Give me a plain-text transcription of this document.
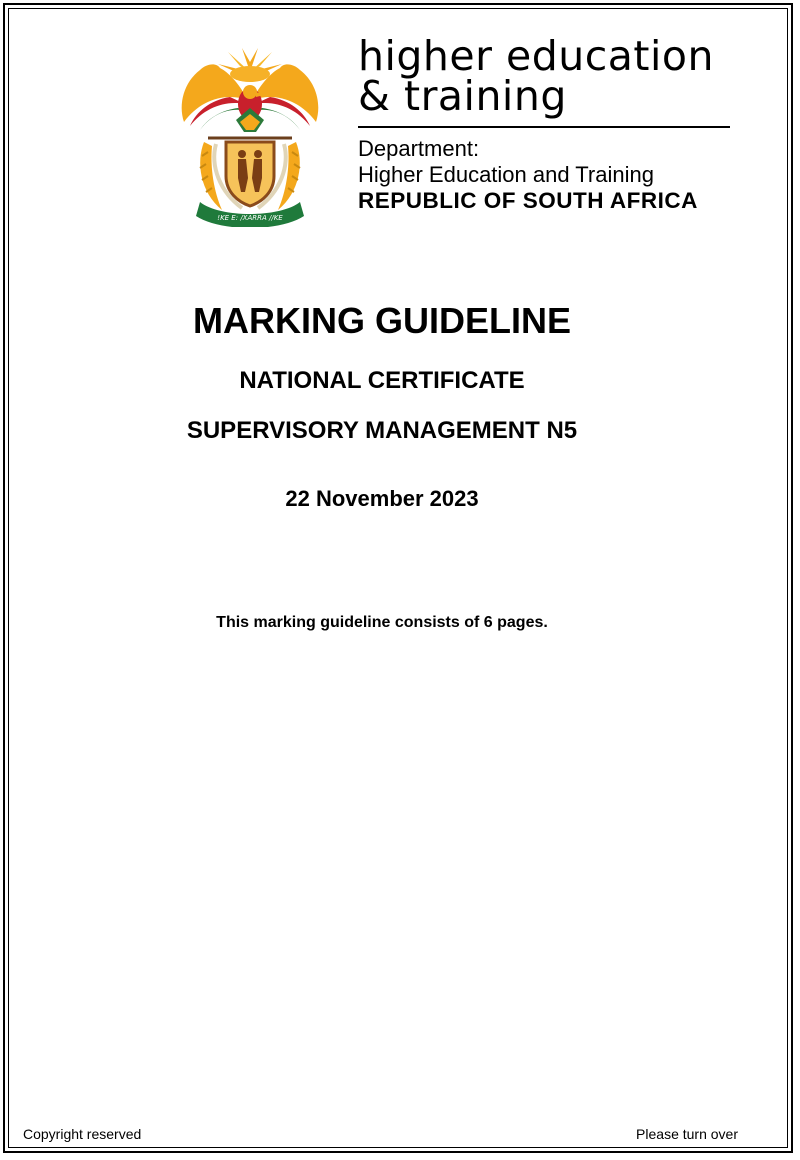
!KE E: /XARRA //KE
higher education
& training
Department:
Higher Education and Training
REPUBLIC OF SOUTH AFRICA
MARKING GUIDELINE
NATIONAL CERTIFICATE
SUPERVISORY MANAGEMENT N5
22 November 2023
This marking guideline consists of 6 pages.
Copyright reserved	Please turn over
